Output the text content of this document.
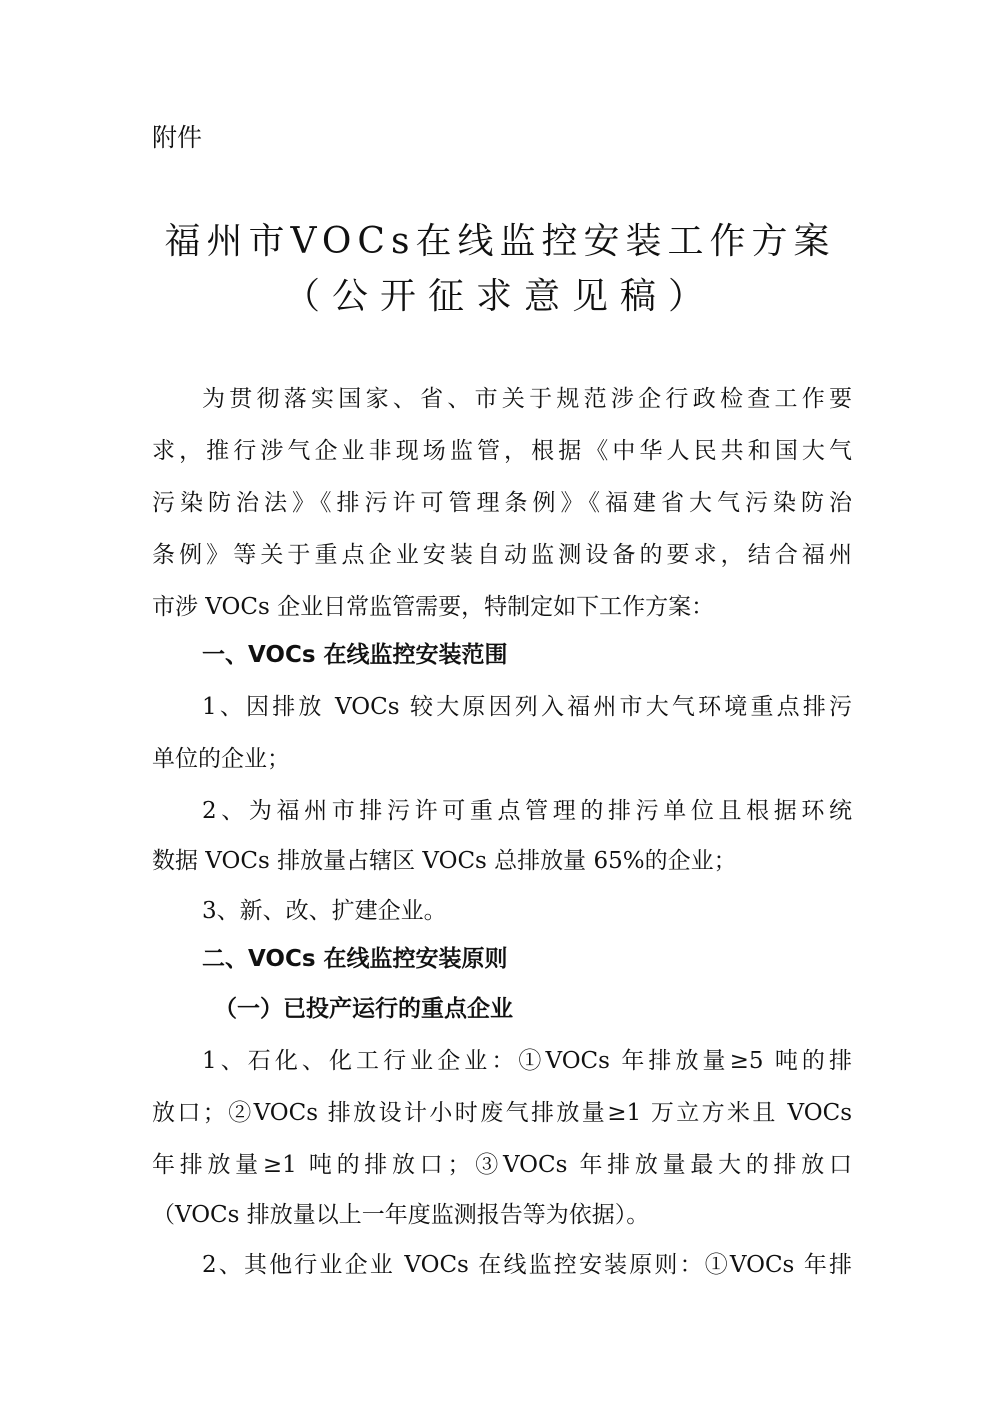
附件

福州市VOCs在线监控安装工作方案
（公开征求意见稿）

为贯彻落实国家、省、市关于规范涉企行政检查工作要

求，推行涉气企业非现场监管，根据《中华人民共和国大气

污染防治法》《排污许可管理条例》《福建省大气污染防治

条例》等关于重点企业安装自动监测设备的要求，结合福州

市涉 VOCs 企业日常监管需要，特制定如下工作方案：

一、VOCs 在线监控安装范围

1、因排放 VOCs 较大原因列入福州市大气环境重点排污

单位的企业；

2、为福州市排污许可重点管理的排污单位且根据环统

数据 VOCs 排放量占辖区 VOCs 总排放量 65%的企业；

3、新、改、扩建企业。

二、VOCs 在线监控安装原则

（一）已投产运行的重点企业

1、石化、化工行业企业：①VOCs 年排放量≥5 吨的排

放口；②VOCs 排放设计小时废气排放量≥1 万立方米且 VOCs

年排放量≥1 吨的排放口；③VOCs 年排放量最大的排放口

（VOCs 排放量以上一年度监测报告等为依据）。

2、其他行业企业 VOCs 在线监控安装原则：①VOCs 年排
